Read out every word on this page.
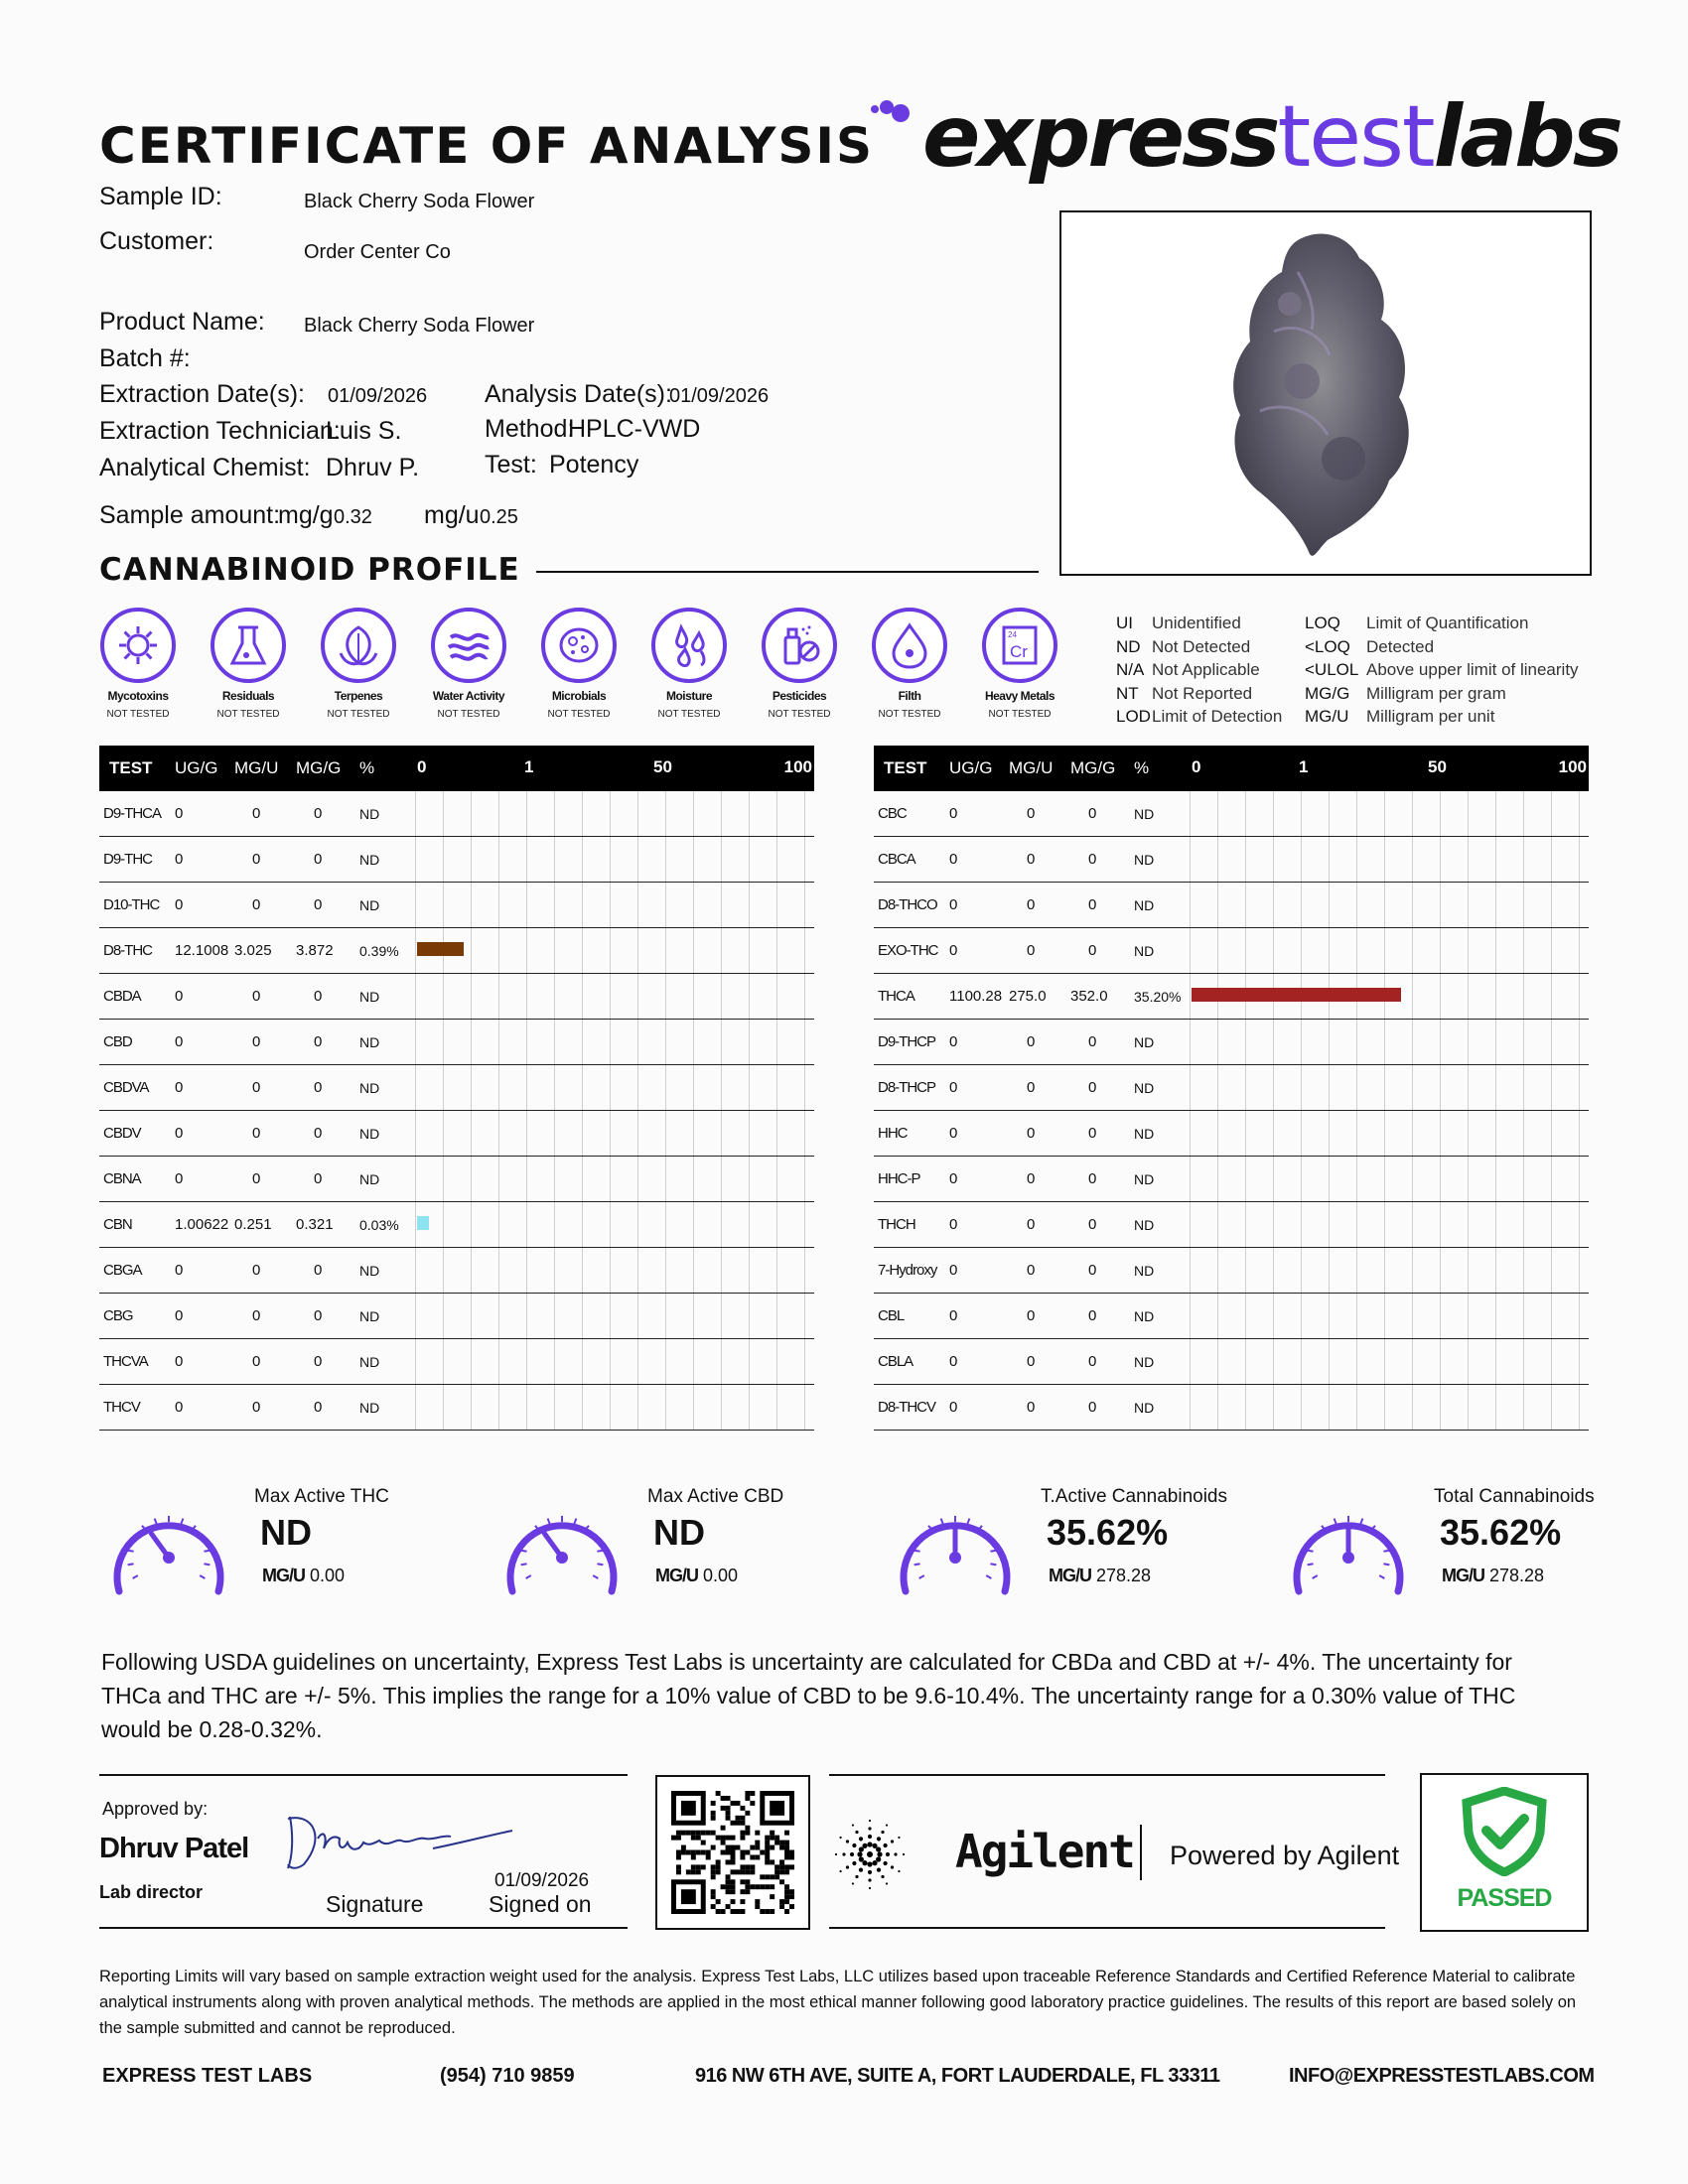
CERTIFICATE OF ANALYSIS express test labs
Sample ID:	Black Cherry Soda Flower
Customer:	Order Center Co
Product Name: Black Cherry Soda Flower
Batch #:
Extraction Date(s): 01/09/2026 Analysis Date(s):
01/09/2026
Extraction Technician:
Luis S.	Method:
HPLC-VWD
Analytical Chemist: Dhruv P.	Test: Potency
Sample amount:
mg/g 0.32 mg/u 0.25
CANNABINOID PROFILE
Mycotoxins
NOT TESTED
Residuals
NOT TESTED
Terpenes
NOT TESTED
Water Activity
NOT TESTED
Microbials
NOT TESTED
Moisture
NOT TESTED
Pesticides
NOT TESTED
Filth
NOT TESTED
24
Cr
Heavy Metals
NOT TESTED
UI Unidentified
ND Not Detected
N/A Not Applicable
NT Not Reported
LODLimit of Detection
LOQ Limit of Quantification
<LOQ Detected
<ULOL Above upper limit of linearity
MG/G Milligram per gram
MG/U Milligram per unit
TEST	UG/G	MG/U	MG/G	%	0 1 50 100

D9-THCA	0	0	0	ND	
D9-THC	0	0	0	ND	
D10-THC	0	0	0	ND	
D8-THC	12.1008	3.025	3.872	0.39%	

CBDA	0	0	0	ND	
CBD	0	0	0	ND	
CBDVA	0	0	0	ND	
CBDV	0	0	0	ND	
CBNA	0	0	0	ND	
CBN	1.00622	0.251	0.321	0.03%	

CBGA	0	0	0	ND	
CBG	0	0	0	ND	
THCVA	0	0	0	ND	
THCV	0	0	0	ND	
TEST	UG/G	MG/U	MG/G	%	0 1 50 100

CBC	0	0	0	ND	
CBCA	0	0	0	ND	
D8-THCO	0	0	0	ND	
EXO-THC	0	0	0	ND	
THCA	1100.28	275.0	352.0	35.20%	

D9-THCP	0	0	0	ND	
D8-THCP	0	0	0	ND	
HHC	0	0	0	ND	
HHC-P	0	0	0	ND	
THCH	0	0	0	ND	
7-Hydroxy	0	0	0	ND	
CBL	0	0	0	ND	
CBLA	0	0	0	ND	
D8-THCV	0	0	0	ND	
Max Active THC
ND
MG/U 0.00
Max Active CBD
ND
MG/U 0.00
T.Active Cannabinoids
35.62%
MG/U 278.28
Total Cannabinoids
35.62%
MG/U 278.28
Following USDA guidelines on uncertainty, Express Test Labs is uncertainty are calculated for CBDa and CBD at +/- 4%. The uncertainty for THCa and THC are +/- 5%. This implies the range for a 10% value of CBD to be 9.6-10.4%. The uncertainty range for a 0.30% value of THC would be 0.28-0.32%.
Approved by:
Dhruv Patel
Lab director	Signature
01/09/2026
Signed on
Agilent Powered by Agilent
PASSED
Reporting Limits will vary based on sample extraction weight used for the analysis. Express Test Labs, LLC utilizes based upon traceable Reference Standards and Certified Reference Material to calibrate analytical instruments along with proven analytical methods. The methods are applied in the most ethical manner following good laboratory practice guidelines. The results of this report are based solely on the sample submitted and cannot be reproduced.
EXPRESS TEST LABS	(954) 710 9859	916 NW 6TH AVE, SUITE A, FORT LAUDERDALE, FL 33311	INFO@EXPRESSTESTLABS.COM
